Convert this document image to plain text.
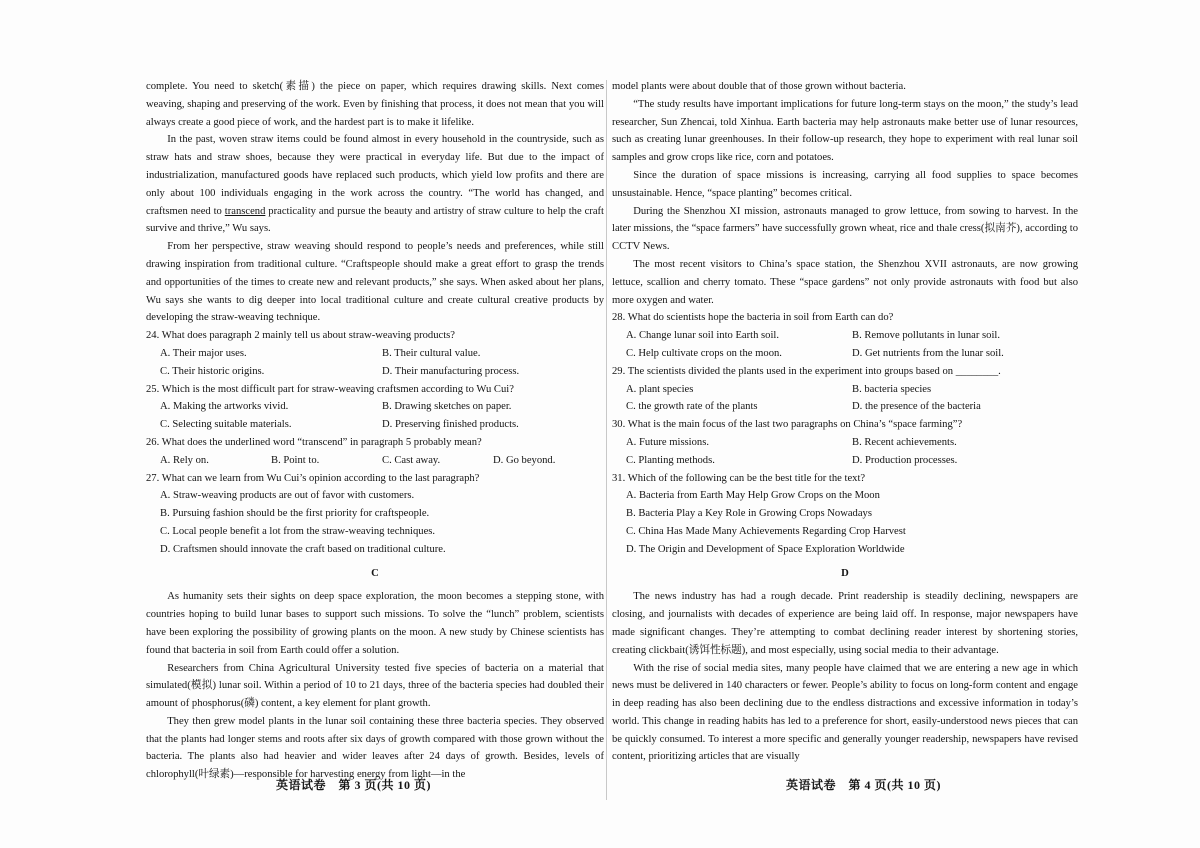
complete. You need to sketch(素描) the piece on paper, which requires drawing skills. Next comes weaving, shaping and preserving of the work. Even by finishing that process, it does not mean that you will always create a good piece of work, and the hardest part is to make it lifelike.

In the past, woven straw items could be found almost in every household in the countryside, such as straw hats and straw shoes, because they were practical in everyday life. But due to the impact of industrialization, manufactured goods have replaced such products, which yield low profits and there are only about 100 individuals engaging in the work across the country. “The world has changed, and craftsmen need to transcend practicality and pursue the beauty and artistry of straw culture to help the craft survive and thrive,” Wu says.

From her perspective, straw weaving should respond to people’s needs and preferences, while still drawing inspiration from traditional culture. “Craftspeople should make a great effort to grasp the trends and opportunities of the times to create new and relevant products,” she says. When asked about her plans, Wu says she wants to dig deeper into local traditional culture and create cultural creative products by developing the straw-weaving technique.

24. What does paragraph 2 mainly tell us about straw-weaving products?

A. Their major uses.	B. Their cultural value.
C. Their historic origins.	D. Their manufacturing process.

25. Which is the most difficult part for straw-weaving craftsmen according to Wu Cui?

A. Making the artworks vivid.	B. Drawing sketches on paper.
C. Selecting suitable materials.	D. Preserving finished products.

26. What does the underlined word “transcend” in paragraph 5 probably mean?

A. Rely on.	B. Point to.	C. Cast away.	D. Go beyond.

27. What can we learn from Wu Cui’s opinion according to the last paragraph?

A. Straw-weaving products are out of favor with customers.
B. Pursuing fashion should be the first priority for craftspeople.
C. Local people benefit a lot from the straw-weaving techniques.
D. Craftsmen should innovate the craft based on traditional culture.
C

As humanity sets their sights on deep space exploration, the moon becomes a stepping stone, with countries hoping to build lunar bases to support such missions. To solve the “lunch” problem, scientists have been exploring the possibility of growing plants on the moon. A new study by Chinese scientists has found that bacteria in soil from Earth could offer a solution.

Researchers from China Agricultural University tested five species of bacteria on a material that simulated(模拟) lunar soil. Within a period of 10 to 21 days, three of the bacteria species had doubled their amount of phosphorus(磷) content, a key element for plant growth.

They then grew model plants in the lunar soil containing these three bacteria species. They observed that the plants had longer stems and roots after six days of growth compared with those grown without the bacteria. The plants also had heavier and wider leaves after 24 days of growth. Besides, levels of chlorophyll(叶绿素)—responsible for harvesting energy from light—in the

model plants were about double that of those grown without bacteria.

“The study results have important implications for future long-term stays on the moon,” the study’s lead researcher, Sun Zhencai, told Xinhua. Earth bacteria may help astronauts make better use of lunar resources, such as creating lunar greenhouses. In their follow-up research, they hope to experiment with real lunar soil samples and grow crops like rice, corn and potatoes.

Since the duration of space missions is increasing, carrying all food supplies to space becomes unsustainable. Hence, “space planting” becomes critical.

During the Shenzhou XI mission, astronauts managed to grow lettuce, from sowing to harvest. In the later missions, the “space farmers” have successfully grown wheat, rice and thale cress(拟南芥), according to CCTV News.

The most recent visitors to China’s space station, the Shenzhou XVII astronauts, are now growing lettuce, scallion and cherry tomato. These “space gardens” not only provide astronauts with food but also more oxygen and water.

28. What do scientists hope the bacteria in soil from Earth can do?

A. Change lunar soil into Earth soil.	B. Remove pollutants in lunar soil.
C. Help cultivate crops on the moon.	D. Get nutrients from the lunar soil.

29. The scientists divided the plants used in the experiment into groups based on ________.

A. plant species	B. bacteria species
C. the growth rate of the plants	D. the presence of the bacteria

30. What is the main focus of the last two paragraphs on China’s “space farming”?

A. Future missions.	B. Recent achievements.
C. Planting methods.	D. Production processes.

31. Which of the following can be the best title for the text?

A. Bacteria from Earth May Help Grow Crops on the Moon
B. Bacteria Play a Key Role in Growing Crops Nowadays
C. China Has Made Many Achievements Regarding Crop Harvest
D. The Origin and Development of Space Exploration Worldwide
D

The news industry has had a rough decade. Print readership is steadily declining, newspapers are closing, and journalists with decades of experience are being laid off. In response, major newspapers have made significant changes. They’re attempting to combat declining reader interest by shortening stories, creating clickbait(诱饵性标题), and most especially, using social media to their advantage.

With the rise of social media sites, many people have claimed that we are entering a new age in which news must be delivered in 140 characters or fewer. People’s ability to focus on long-form content and engage in deep reading has also been declining due to the endless distractions and excessive information in today’s world. This change in reading habits has led to a preference for short, easily-understood news pieces that can be quickly consumed. To interest a more specific and generally younger readership, newspapers have revised content, prioritizing articles that are visually

英语试卷　第 3 页(共 10 页)	英语试卷　第 4 页(共 10 页)
